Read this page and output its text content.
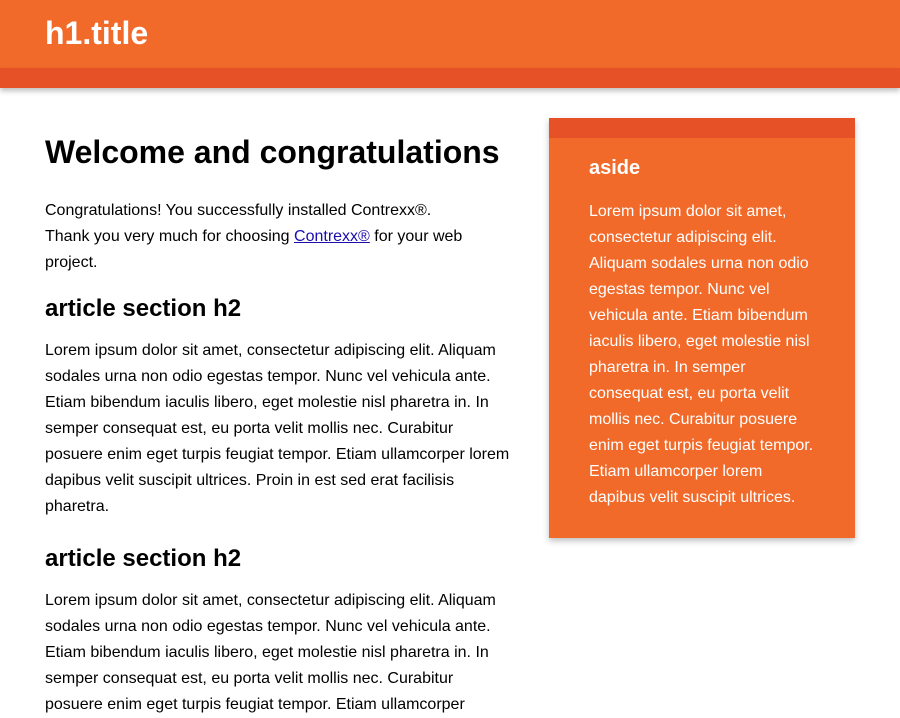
h1.title
Welcome and congratulations

Congratulations! You successfully installed Contrexx®.
Thank you very much for choosing Contrexx® for your web project.

article section h2

Lorem ipsum dolor sit amet, consectetur adipiscing elit. Aliquam sodales urna non odio egestas tempor. Nunc vel vehicula ante. Etiam bibendum iaculis libero, eget molestie nisl pharetra in. In semper consequat est, eu porta velit mollis nec. Curabitur posuere enim eget turpis feugiat tempor. Etiam ullamcorper lorem dapibus velit suscipit ultrices. Proin in est sed erat facilisis pharetra.

article section h2

Lorem ipsum dolor sit amet, consectetur adipiscing elit. Aliquam sodales urna non odio egestas tempor. Nunc vel vehicula ante. Etiam bibendum iaculis libero, eget molestie nisl pharetra in. In semper consequat est, eu porta velit mollis nec. Curabitur posuere enim eget turpis feugiat tempor. Etiam ullamcorper

aside

Lorem ipsum dolor sit amet, consectetur adipiscing elit. Aliquam sodales urna non odio egestas tempor. Nunc vel vehicula ante. Etiam bibendum iaculis libero, eget molestie nisl pharetra in. In semper consequat est, eu porta velit mollis nec. Curabitur posuere enim eget turpis feugiat tempor. Etiam ullamcorper lorem dapibus velit suscipit ultrices.
